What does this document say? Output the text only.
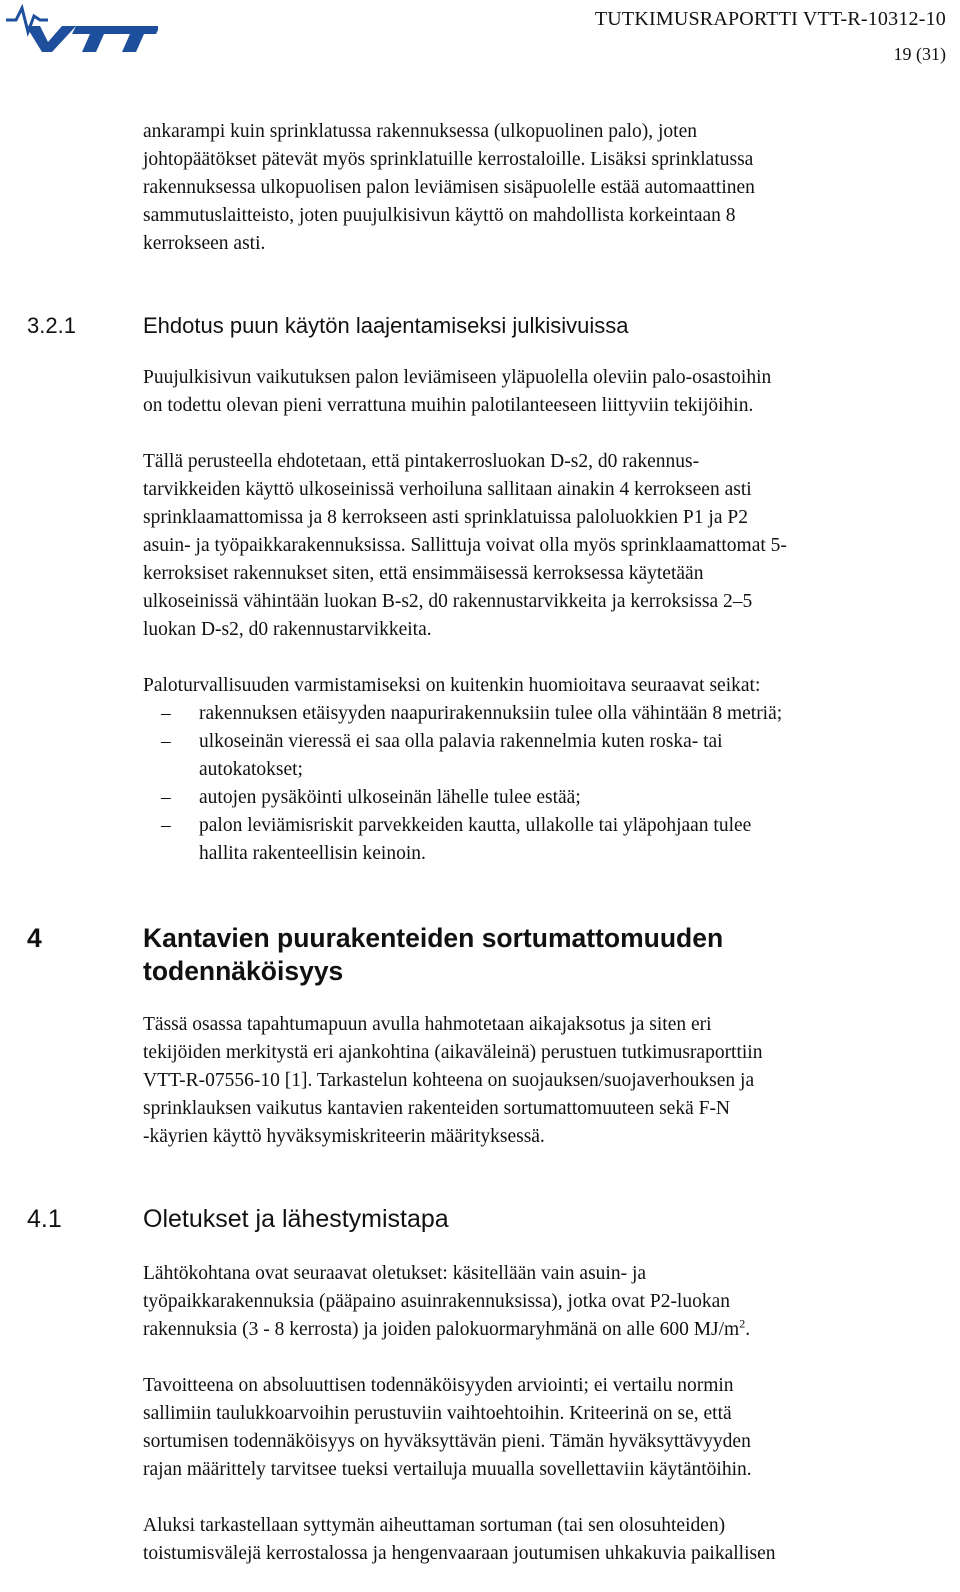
TUTKIMUSRAPORTTI VTT-R-10312-10
19 (31)
ankarampi kuin sprinklatussa rakennuksessa (ulkopuolinen palo), joten
johtopäätökset pätevät myös sprinklatuille kerrostaloille. Lisäksi sprinklatussa
rakennuksessa ulkopuolisen palon leviämisen sisäpuolelle estää automaattinen
sammutuslaitteisto, joten puujulkisivun käyttö on mahdollista korkeintaan 8
kerrokseen asti.
3.2.1	Ehdotus puun käytön laajentamiseksi julkisivuissa
Puujulkisivun vaikutuksen palon leviämiseen yläpuolella oleviin palo-osastoihin
on todettu olevan pieni verrattuna muihin palotilanteeseen liittyviin tekijöihin.
Tällä perusteella ehdotetaan, että pintakerrosluokan D-s2, d0 rakennus-
tarvikkeiden käyttö ulkoseinissä verhoiluna sallitaan ainakin 4 kerrokseen asti
sprinklaamattomissa ja 8 kerrokseen asti sprinklatuissa paloluokkien P1 ja P2
asuin- ja työpaikkarakennuksissa. Sallittuja voivat olla myös sprinklaamattomat 5-
kerroksiset rakennukset siten, että ensimmäisessä kerroksessa käytetään
ulkoseinissä vähintään luokan B-s2, d0 rakennustarvikkeita ja kerroksissa 2–5
luokan D-s2, d0 rakennustarvikkeita.
Paloturvallisuuden varmistamiseksi on kuitenkin huomioitava seuraavat seikat:
– rakennuksen etäisyyden naapurirakennuksiin tulee olla vähintään 8 metriä;
– ulkoseinän vieressä ei saa olla palavia rakennelmia kuten roska- tai
autokatokset;
– autojen pysäköinti ulkoseinän lähelle tulee estää;
– palon leviämisriskit parvekkeiden kautta, ullakolle tai yläpohjaan tulee
hallita rakenteellisin keinoin.
4	Kantavien puurakenteiden sortumattomuuden
todennäköisyys
Tässä osassa tapahtumapuun avulla hahmotetaan aikajaksotus ja siten eri
tekijöiden merkitystä eri ajankohtina (aikaväleinä) perustuen tutkimusraporttiin
VTT-R-07556-10 [1]. Tarkastelun kohteena on suojauksen/suojaverhouksen ja
sprinklauksen vaikutus kantavien rakenteiden sortumattomuuteen sekä F-N
-käyrien käyttö hyväksymiskriteerin määrityksessä.
4.1	Oletukset ja lähestymistapa
Lähtökohtana ovat seuraavat oletukset: käsitellään vain asuin- ja
työpaikkarakennuksia (pääpaino asuinrakennuksissa), jotka ovat P2-luokan
rakennuksia (3 - 8 kerrosta) ja joiden palokuormaryhmänä on alle 600 $MJ/m^2$.
Tavoitteena on absoluuttisen todennäköisyyden arviointi; ei vertailu normin
sallimiin taulukkoarvoihin perustuviin vaihtoehtoihin. Kriteerinä on se, että
sortumisen todennäköisyys on hyväksyttävän pieni. Tämän hyväksyttävyyden
rajan määrittely tarvitsee tueksi vertailuja muualla sovellettaviin käytäntöihin.
Aluksi tarkastellaan syttymän aiheuttaman sortuman (tai sen olosuhteiden)
toistumisvälejä kerrostalossa ja hengenvaaraan joutumisen uhkakuvia paikallisen
